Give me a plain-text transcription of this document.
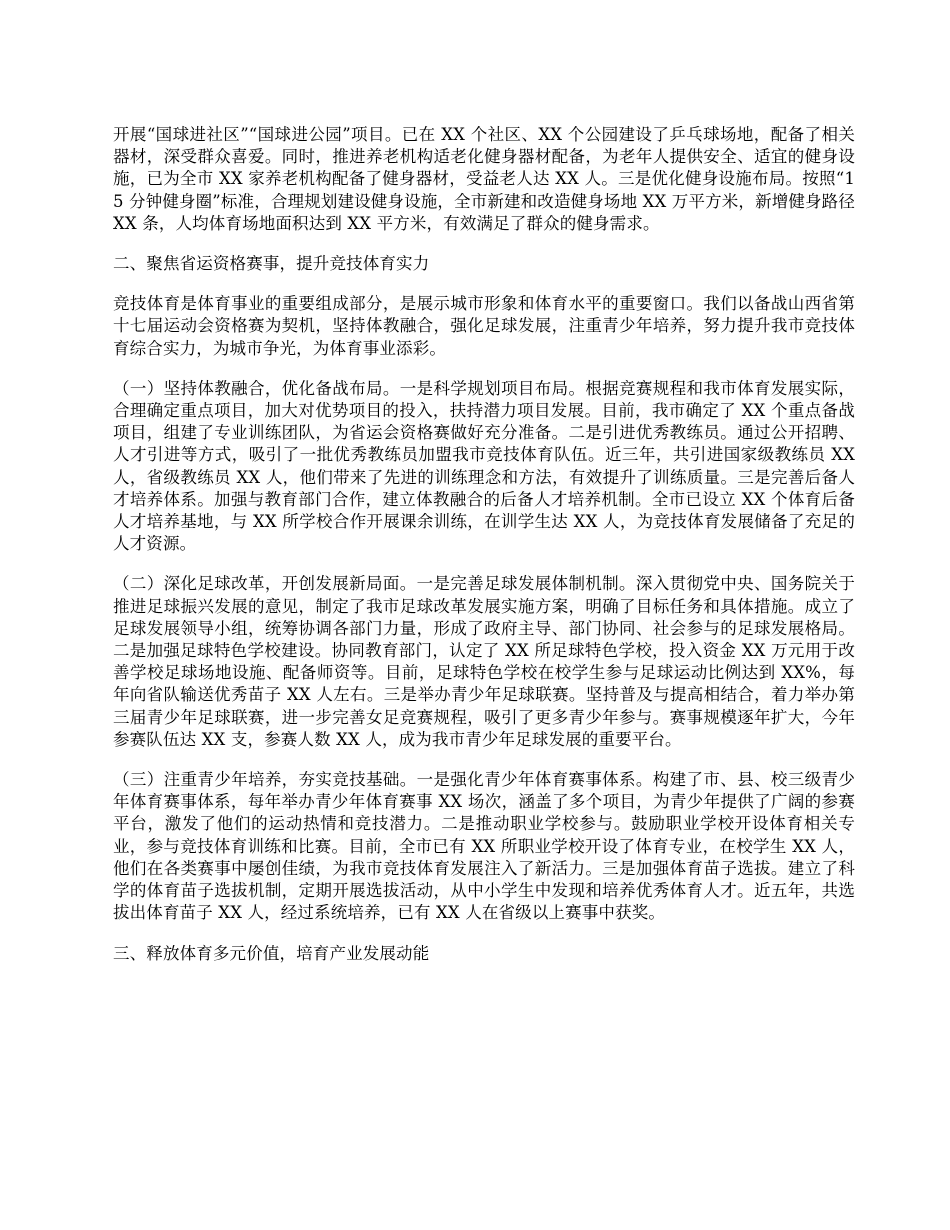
开展“国球进社区”“国球进公园”项目。已在 XX 个社区、XX 个公园建设了乒乓球场地，配备了相关器材，深受群众喜爱。同时，推进养老机构适老化健身器材配备，为老年人提供安全、适宜的健身设施，已为全市 XX 家养老机构配备了健身器材，受益老人达 XX 人。三是优化健身设施布局。按照“15 分钟健身圈”标准，合理规划建设健身设施，全市新建和改造健身场地 XX 万平方米，新增健身路径 XX 条，人均体育场地面积达到 XX 平方米，有效满足了群众的健身需求。

二、聚焦省运资格赛事，提升竞技体育实力

竞技体育是体育事业的重要组成部分，是展示城市形象和体育水平的重要窗口。我们以备战山西省第十七届运动会资格赛为契机，坚持体教融合，强化足球发展，注重青少年培养，努力提升我市竞技体育综合实力，为城市争光，为体育事业添彩。

（一）坚持体教融合，优化备战布局。一是科学规划项目布局。根据竞赛规程和我市体育发展实际，合理确定重点项目，加大对优势项目的投入，扶持潜力项目发展。目前，我市确定了 XX 个重点备战项目，组建了专业训练团队，为省运会资格赛做好充分准备。二是引进优秀教练员。通过公开招聘、人才引进等方式，吸引了一批优秀教练员加盟我市竞技体育队伍。近三年，共引进国家级教练员 XX 人，省级教练员 XX 人，他们带来了先进的训练理念和方法，有效提升了训练质量。三是完善后备人才培养体系。加强与教育部门合作，建立体教融合的后备人才培养机制。全市已设立 XX 个体育后备人才培养基地，与 XX 所学校合作开展课余训练，在训学生达 XX 人，为竞技体育发展储备了充足的人才资源。

（二）深化足球改革，开创发展新局面。一是完善足球发展体制机制。深入贯彻党中央、国务院关于推进足球振兴发展的意见，制定了我市足球改革发展实施方案，明确了目标任务和具体措施。成立了足球发展领导小组，统筹协调各部门力量，形成了政府主导、部门协同、社会参与的足球发展格局。二是加强足球特色学校建设。协同教育部门，认定了 XX 所足球特色学校，投入资金 XX 万元用于改善学校足球场地设施、配备师资等。目前，足球特色学校在校学生参与足球运动比例达到 XX%，每年向省队输送优秀苗子 XX 人左右。三是举办青少年足球联赛。坚持普及与提高相结合，着力举办第三届青少年足球联赛，进一步完善女足竞赛规程，吸引了更多青少年参与。赛事规模逐年扩大，今年参赛队伍达 XX 支，参赛人数 XX 人，成为我市青少年足球发展的重要平台。

（三）注重青少年培养，夯实竞技基础。一是强化青少年体育赛事体系。构建了市、县、校三级青少年体育赛事体系，每年举办青少年体育赛事 XX 场次，涵盖了多个项目，为青少年提供了广阔的参赛平台，激发了他们的运动热情和竞技潜力。二是推动职业学校参与。鼓励职业学校开设体育相关专业，参与竞技体育训练和比赛。目前，全市已有 XX 所职业学校开设了体育专业，在校学生 XX 人，他们在各类赛事中屡创佳绩，为我市竞技体育发展注入了新活力。三是加强体育苗子选拔。建立了科学的体育苗子选拔机制，定期开展选拔活动，从中小学生中发现和培养优秀体育人才。近五年，共选拔出体育苗子 XX 人，经过系统培养，已有 XX 人在省级以上赛事中获奖。

三、释放体育多元价值，培育产业发展动能
